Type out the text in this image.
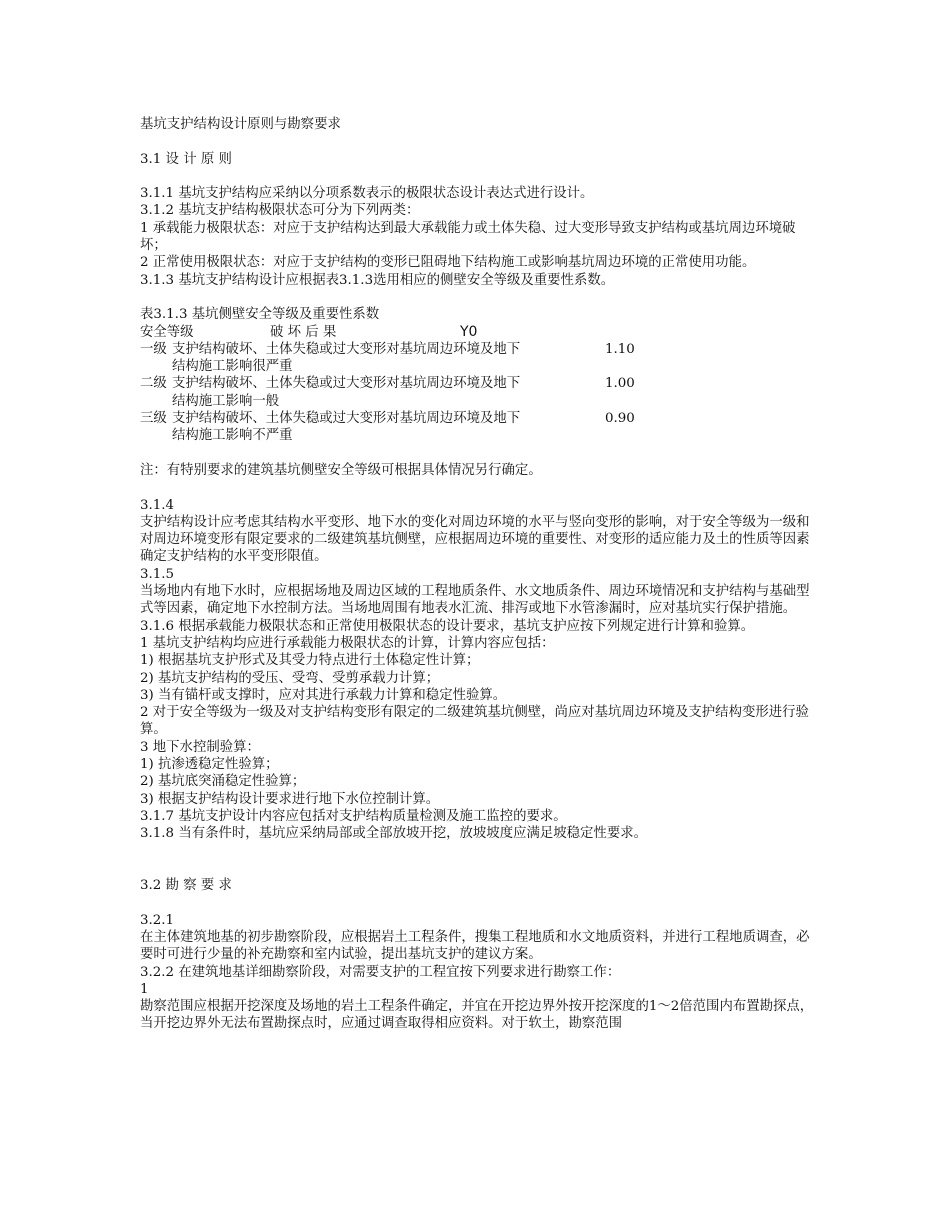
基坑支护结构设计原则与勘察要求

3.1 设 计 原 则

3.1.1 基坑支护结构应采纳以分项系数表示的极限状态设计表达式进行设计。

3.1.2 基坑支护结构极限状态可分为下列两类：

1 承载能力极限状态：对应于支护结构达到最大承载能力或土体失稳、过大变形导致支护结构或基坑周边环境破坏；

2 正常使用极限状态：对应于支护结构的变形已阻碍地下结构施工或影响基坑周边环境的正常使用功能。

3.1.3 基坑支护结构设计应根据表3.1.3选用相应的侧壁安全等级及重要性系数。

表3.1.3 基坑侧壁安全等级及重要性系数

安全等级	破 坏 后 果	Y0
一级 支护结构破坏、土体失稳或过大变形对基坑周边环境及地下
结构施工影响很严重
1.10
二级 支护结构破坏、土体失稳或过大变形对基坑周边环境及地下
结构施工影响一般
1.00
三级 支护结构破坏、土体失稳或过大变形对基坑周边环境及地下
结构施工影响不严重
0.90

注：有特别要求的建筑基坑侧壁安全等级可根据具体情况另行确定。

3.1.4

支护结构设计应考虑其结构水平变形、地下水的变化对周边环境的水平与竖向变形的影响，对于安全等级为一级和对周边环境变形有限定要求的二级建筑基坑侧壁，应根据周边环境的重要性、对变形的适应能力及土的性质等因素确定支护结构的水平变形限值。

3.1.5

当场地内有地下水时，应根据场地及周边区域的工程地质条件、水文地质条件、周边环境情况和支护结构与基础型式等因素，确定地下水控制方法。当场地周围有地表水汇流、排泻或地下水管渗漏时，应对基坑实行保护措施。

3.1.6 根据承载能力极限状态和正常使用极限状态的设计要求，基坑支护应按下列规定进行计算和验算。

1 基坑支护结构均应进行承载能力极限状态的计算，计算内容应包括：

1) 根据基坑支护形式及其受力特点进行土体稳定性计算；

2) 基坑支护结构的受压、受弯、受剪承载力计算；

3) 当有锚杆或支撑时，应对其进行承载力计算和稳定性验算。

2 对于安全等级为一级及对支护结构变形有限定的二级建筑基坑侧壁，尚应对基坑周边环境及支护结构变形进行验算。

3 地下水控制验算：

1) 抗渗透稳定性验算；

2) 基坑底突涌稳定性验算；

3) 根据支护结构设计要求进行地下水位控制计算。

3.1.7 基坑支护设计内容应包括对支护结构质量检测及施工监控的要求。

3.1.8 当有条件时，基坑应采纳局部或全部放坡开挖，放坡坡度应满足坡稳定性要求。

3.2 勘 察 要 求

3.2.1

在主体建筑地基的初步勘察阶段，应根据岩土工程条件，搜集工程地质和水文地质资料，并进行工程地质调查，必要时可进行少量的补充勘察和室内试验，提出基坑支护的建议方案。

3.2.2 在建筑地基详细勘察阶段，对需要支护的工程宜按下列要求进行勘察工作：

1

勘察范围应根据开挖深度及场地的岩土工程条件确定，并宜在开挖边界外按开挖深度的1～2倍范围内布置勘探点，当开挖边界外无法布置勘探点时，应通过调查取得相应资料。对于软土，勘察范围
